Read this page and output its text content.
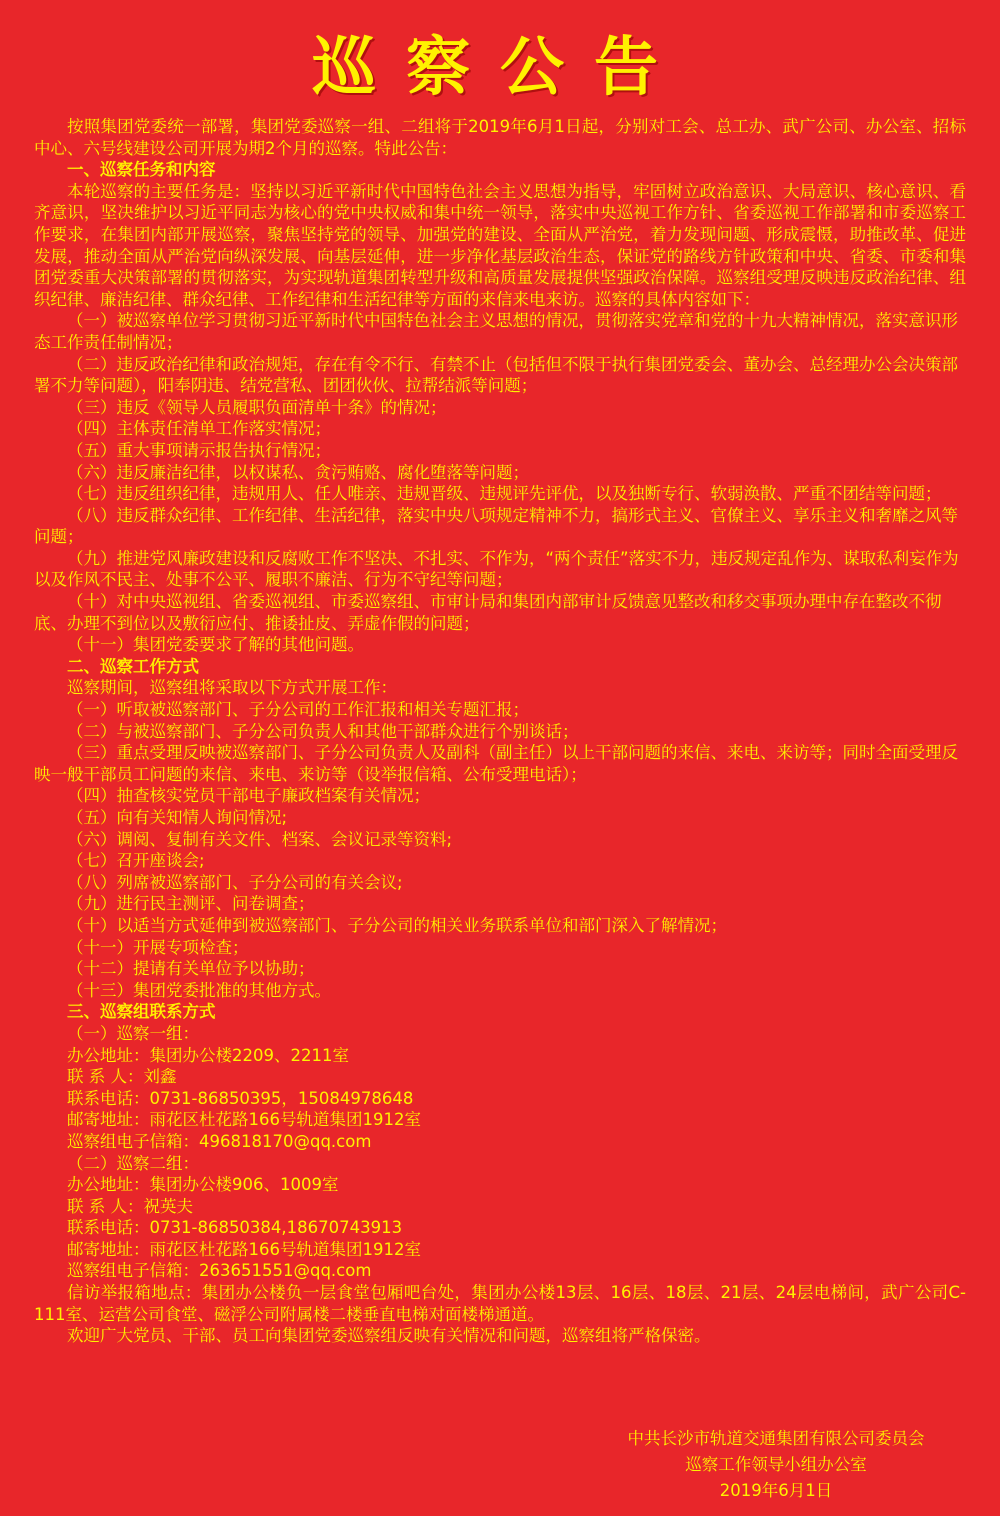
巡察公告

按照集团党委统一部署，集团党委巡察一组、二组将于2019年6月1日起，分别对工会、总工办、武广公司、办公室、招标中心、六号线建设公司开展为期2个月的巡察。特此公告：

一、巡察任务和内容

本轮巡察的主要任务是：坚持以习近平新时代中国特色社会主义思想为指导，牢固树立政治意识、大局意识、核心意识、看齐意识，坚决维护以习近平同志为核心的党中央权威和集中统一领导，落实中央巡视工作方针、省委巡视工作部署和市委巡察工作要求，在集团内部开展巡察，聚焦坚持党的领导、加强党的建设、全面从严治党，着力发现问题、形成震慑，助推改革、促进发展，推动全面从严治党向纵深发展、向基层延伸，进一步净化基层政治生态，保证党的路线方针政策和中央、省委、市委和集团党委重大决策部署的贯彻落实，为实现轨道集团转型升级和高质量发展提供坚强政治保障。巡察组受理反映违反政治纪律、组织纪律、廉洁纪律、群众纪律、工作纪律和生活纪律等方面的来信来电来访。巡察的具体内容如下：

（一）被巡察单位学习贯彻习近平新时代中国特色社会主义思想的情况，贯彻落实党章和党的十九大精神情况，落实意识形态工作责任制情况；

（二）违反政治纪律和政治规矩，存在有令不行、有禁不止（包括但不限于执行集团党委会、董办会、总经理办公会决策部署不力等问题），阳奉阴违、结党营私、团团伙伙、拉帮结派等问题；

（三）违反《领导人员履职负面清单十条》的情况；

（四）主体责任清单工作落实情况；

（五）重大事项请示报告执行情况；

（六）违反廉洁纪律，以权谋私、贪污贿赂、腐化堕落等问题；

（七）违反组织纪律，违规用人、任人唯亲、违规晋级、违规评先评优，以及独断专行、软弱涣散、严重不团结等问题；

（八）违反群众纪律、工作纪律、生活纪律，落实中央八项规定精神不力，搞形式主义、官僚主义、享乐主义和奢靡之风等问题；

（九）推进党风廉政建设和反腐败工作不坚决、不扎实、不作为，“两个责任”落实不力，违反规定乱作为、谋取私利妄作为以及作风不民主、处事不公平、履职不廉洁、行为不守纪等问题；

（十）对中央巡视组、省委巡视组、市委巡察组、市审计局和集团内部审计反馈意见整改和移交事项办理中存在整改不彻底、办理不到位以及敷衍应付、推诿扯皮、弄虚作假的问题；

（十一）集团党委要求了解的其他问题。

二、巡察工作方式

巡察期间，巡察组将采取以下方式开展工作：

（一）听取被巡察部门、子分公司的工作汇报和相关专题汇报；

（二）与被巡察部门、子分公司负责人和其他干部群众进行个别谈话；

（三）重点受理反映被巡察部门、子分公司负责人及副科（副主任）以上干部问题的来信、来电、来访等；同时全面受理反映一般干部员工问题的来信、来电、来访等（设举报信箱、公布受理电话）；

（四）抽查核实党员干部电子廉政档案有关情况；

（五）向有关知情人询问情况;

（六）调阅、复制有关文件、档案、会议记录等资料;

（七）召开座谈会;

（八）列席被巡察部门、子分公司的有关会议;

（九）进行民主测评、问卷调查；

（十）以适当方式延伸到被巡察部门、子分公司的相关业务联系单位和部门深入了解情况；

（十一）开展专项检查；

（十二）提请有关单位予以协助；

（十三）集团党委批准的其他方式。

三、巡察组联系方式

（一）巡察一组：

办公地址：集团办公楼2209、2211室

联 系 人：刘鑫

联系电话：0731-86850395，15084978648

邮寄地址：雨花区杜花路166号轨道集团1912室

巡察组电子信箱：496818170@qq.com

（二）巡察二组：

办公地址：集团办公楼906、1009室

联 系 人：祝英夫

联系电话：0731-86850384,18670743913

邮寄地址：雨花区杜花路166号轨道集团1912室

巡察组电子信箱：263651551@qq.com

信访举报箱地点：集团办公楼负一层食堂包厢吧台处，集团办公楼13层、16层、18层、21层、24层电梯间，武广公司C-111室、运营公司食堂、磁浮公司附属楼二楼垂直电梯对面楼梯通道。

欢迎广大党员、干部、员工向集团党委巡察组反映有关情况和问题，巡察组将严格保密。

中共长沙市轨道交通集团有限公司委员会
巡察工作领导小组办公室
2019年6月1日
